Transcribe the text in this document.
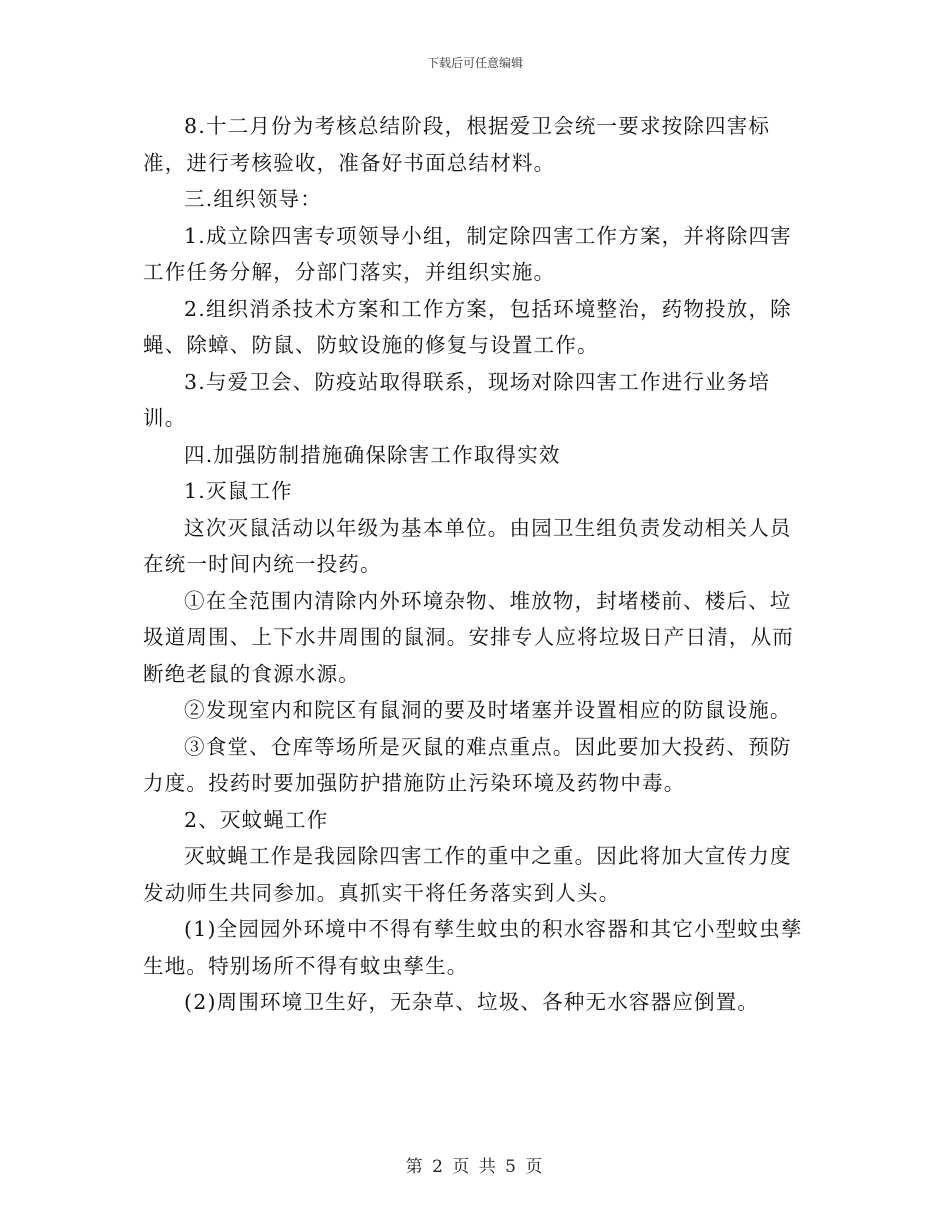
下载后可任意编辑

8.十二月份为考核总结阶段，根据爱卫会统一要求按除四害标准，进行考核验收，准备好书面总结材料。

三.组织领导：

1.成立除四害专项领导小组，制定除四害工作方案，并将除四害工作任务分解，分部门落实，并组织实施。

2.组织消杀技术方案和工作方案，包括环境整治，药物投放，除蝇、除蟑、防鼠、防蚊设施的修复与设置工作。

3.与爱卫会、防疫站取得联系，现场对除四害工作进行业务培训。

四.加强防制措施确保除害工作取得实效

1.灭鼠工作

这次灭鼠活动以年级为基本单位。由园卫生组负责发动相关人员在统一时间内统一投药。

①在全范围内清除内外环境杂物、堆放物，封堵楼前、楼后、垃圾道周围、上下水井周围的鼠洞。安排专人应将垃圾日产日清，从而断绝老鼠的食源水源。

②发现室内和院区有鼠洞的要及时堵塞并设置相应的防鼠设施。

③食堂、仓库等场所是灭鼠的难点重点。因此要加大投药、预防力度。投药时要加强防护措施防止污染环境及药物中毒。

2、灭蚊蝇工作

灭蚊蝇工作是我园除四害工作的重中之重。因此将加大宣传力度发动师生共同参加。真抓实干将任务落实到人头。

(1)全园园外环境中不得有孳生蚊虫的积水容器和其它小型蚊虫孳生地。特别场所不得有蚊虫孳生。

(2)周围环境卫生好，无杂草、垃圾、各种无水容器应倒置。

第 2 页 共 5 页
